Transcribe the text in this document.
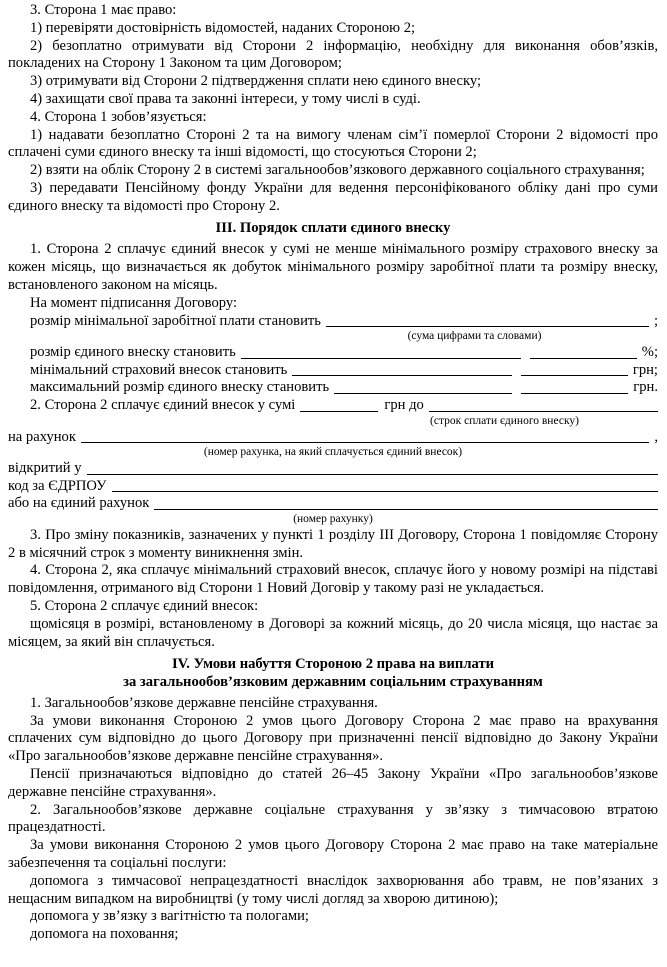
3. Сторона 1 має право:

1) перевіряти достовірність відомостей, наданих Стороною 2;

2) безоплатно отримувати від Сторони 2 інформацію, необхідну для виконання обов’язків, покладених на Сторону 1 Законом та цим Договором;

3) отримувати від Сторони 2 підтвердження сплати нею єдиного внеску;

4) захищати свої права та законні інтереси, у тому числі в суді.

4. Сторона 1 зобов’язується:

1) надавати безоплатно Стороні 2 та на вимогу членам сім’ї померлої Сторони 2 відомості про сплачені суми єдиного внеску та інші відомості, що стосуються Сторони 2;

2) взяти на облік Сторону 2 в системі загальнообов’язкового державного соціального страхування;

3) передавати Пенсійному фонду України для ведення персоніфікованого обліку дані про суми єдиного внеску та відомості про Сторону 2.

III. Порядок сплати єдиного внеску

1. Сторона 2 сплачує єдиний внесок у сумі не менше мінімального розміру страхового внеску за кожен місяць, що визначається як добуток мінімального розміру заробітної плати та розміру внеску, встановленого законом на місяць.

На момент підписання Договору:

розмір мінімальної заробітної плати становить	;
(сума цифрами та словами)
розмір єдиного внеску становить	%;
мінімальний страховий внесок становить	грн;
максимальний розмір єдиного внеску становить	грн.
2. Сторона 2 сплачує єдиний внесок у сумі	грн до
(строк сплати єдиного внеску)
на рахунок	,
(номер рахунка, на який сплачується єдиний внесок)
відкритий у
код за ЄДРПОУ
або на єдиний рахунок
(номер рахунку)

3. Про зміну показників, зазначених у пункті 1 розділу III Договору, Сторона 1 повідомляє Сторону 2 в місячний строк з моменту виникнення змін.

4. Сторона 2, яка сплачує мінімальний страховий внесок, сплачує його у новому розмірі на підставі повідомлення, отриманого від Сторони 1 Новий Договір у такому разі не укладається.

5. Сторона 2 сплачує єдиний внесок:

щомісяця в розмірі, встановленому в Договорі за кожний місяць, до 20 числа місяця, що настає за місяцем, за який він сплачується.

IV. Умови набуття Стороною 2 права на виплати
за загальнообов’язковим державним соціальним страхуванням

1. Загальнообов’язкове державне пенсійне страхування.

За умови виконання Стороною 2 умов цього Договору Сторона 2 має право на врахування сплачених сум відповідно до цього Договору при призначенні пенсії відповідно до Закону України «Про загальнообов’язкове державне пенсійне страхування».

Пенсії призначаються відповідно до статей 26–45 Закону України «Про загальнообов’язкове державне пенсійне страхування».

2. Загальнообов’язкове державне соціальне страхування у зв’язку з тимчасовою втратою працездатності.

За умови виконання Стороною 2 умов цього Договору Сторона 2 має право на таке матеріальне забезпечення та соціальні послуги:

допомога з тимчасової непрацездатності внаслідок захворювання або травм, не пов’язаних з нещасним випадком на виробництві (у тому числі догляд за хворою дитиною);

допомога у зв’язку з вагітністю та пологами;

допомога на поховання;
